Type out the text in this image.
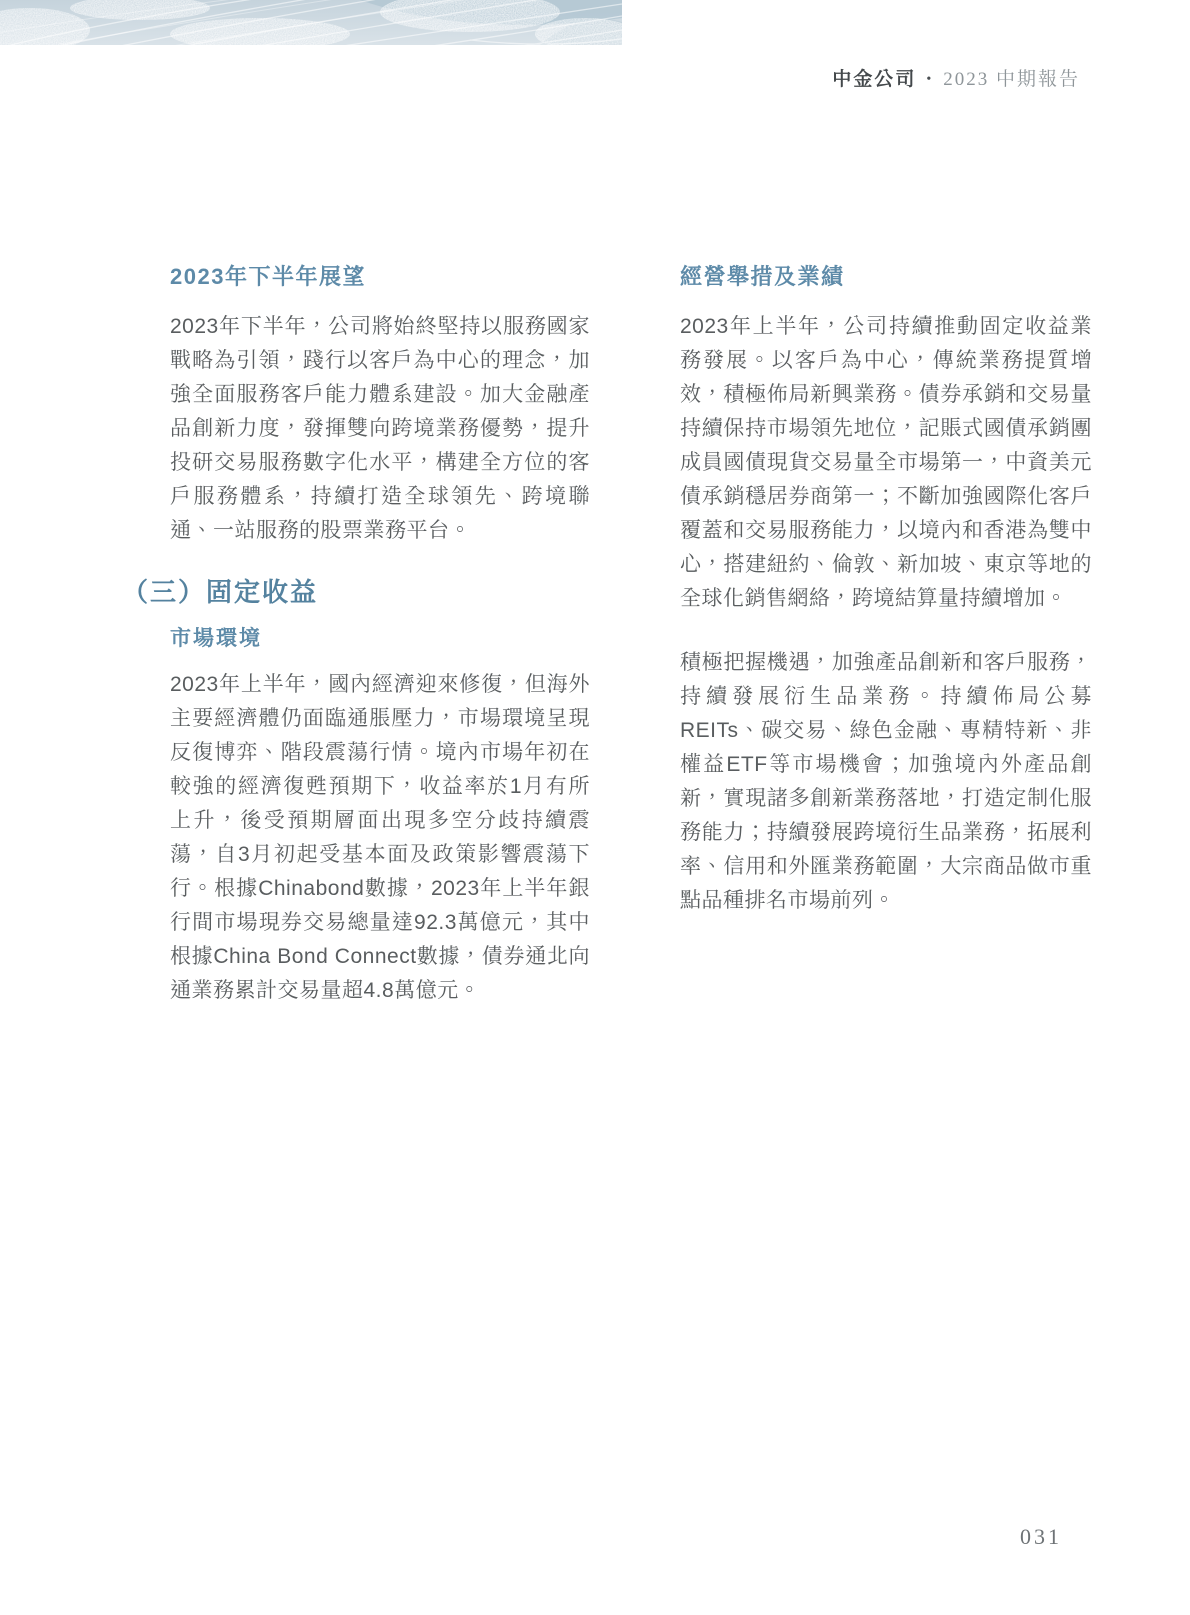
中金公司 • 2023 中期報告
2023年下半年展望

2023年下半年，公司將始終堅持以服務國家戰略為引領，踐行以客戶為中心的理念，加強全面服務客戶能力體系建設。加大金融產品創新力度，發揮雙向跨境業務優勢，提升投研交易服務數字化水平，構建全方位的客戶服務體系，持續打造全球領先、跨境聯通、一站服務的股票業務平台。

（三）固定收益
市場環境

2023年上半年，國內經濟迎來修復，但海外主要經濟體仍面臨通脹壓力，市場環境呈現反復博弈、階段震蕩行情。境內市場年初在較強的經濟復甦預期下，收益率於1月有所上升，後受預期層面出現多空分歧持續震蕩，自3月初起受基本面及政策影響震蕩下行。根據Chinabond數據，2023年上半年銀行間市場現券交易總量達92.3萬億元，其中根據China Bond Connect數據，債券通北向通業務累計交易量超4.8萬億元。

經營舉措及業績

2023年上半年，公司持續推動固定收益業務發展。以客戶為中心，傳統業務提質增效，積極佈局新興業務。債券承銷和交易量持續保持市場領先地位，記賬式國債承銷團成員國債現貨交易量全市場第一，中資美元債承銷穩居券商第一；不斷加強國際化客戶覆蓋和交易服務能力，以境內和香港為雙中心，搭建紐約、倫敦、新加坡、東京等地的全球化銷售網絡，跨境結算量持續增加。

積極把握機遇，加強產品創新和客戶服務，持續發展衍生品業務。持續佈局公募REITs、碳交易、綠色金融、專精特新、非權益ETF等市場機會；加強境內外產品創新，實現諸多創新業務落地，打造定制化服務能力；持續發展跨境衍生品業務，拓展利率、信用和外匯業務範圍，大宗商品做市重點品種排名市場前列。

031
